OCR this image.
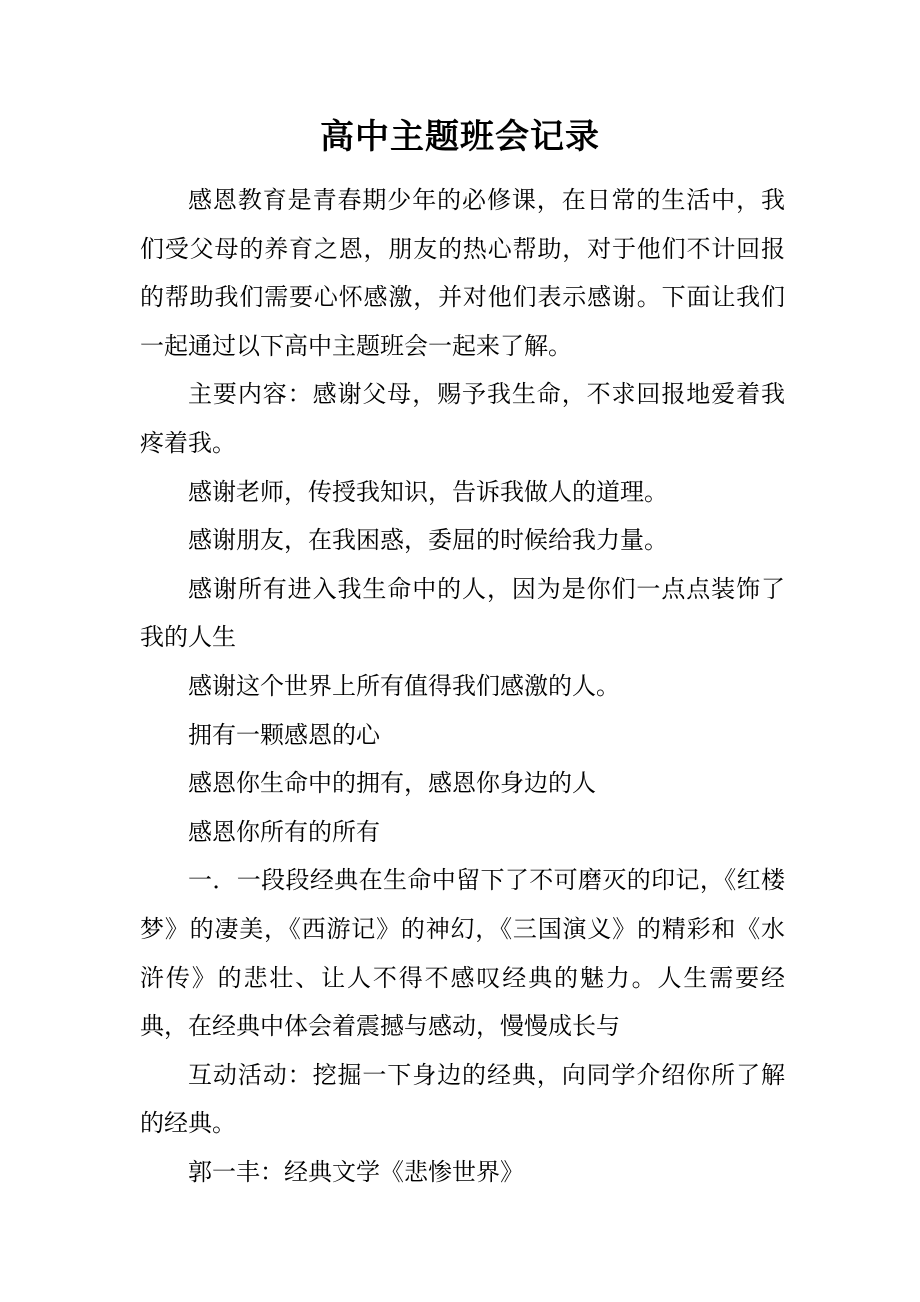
高中主题班会记录

感恩教育是青春期少年的必修课，在日常的生活中，我们受父母的养育之恩，朋友的热心帮助，对于他们不计回报的帮助我们需要心怀感激，并对他们表示感谢。下面让我们一起通过以下高中主题班会一起来了解。

主要内容：感谢父母，赐予我生命，不求回报地爱着我疼着我。

感谢老师，传授我知识，告诉我做人的道理。

感谢朋友，在我困惑，委屈的时候给我力量。

感谢所有进入我生命中的人，因为是你们一点点装饰了我的人生

感谢这个世界上所有值得我们感激的人。

拥有一颗感恩的心

感恩你生命中的拥有，感恩你身边的人

感恩你所有的所有

一．一段段经典在生命中留下了不可磨灭的印记，《红楼梦》的凄美，《西游记》的神幻，《三国演义》的精彩和《水浒传》的悲壮、让人不得不感叹经典的魅力。人生需要经典，在经典中体会着震撼与感动，慢慢成长与

互动活动：挖掘一下身边的经典，向同学介绍你所了解的经典。

郭一丰：经典文学《悲惨世界》
